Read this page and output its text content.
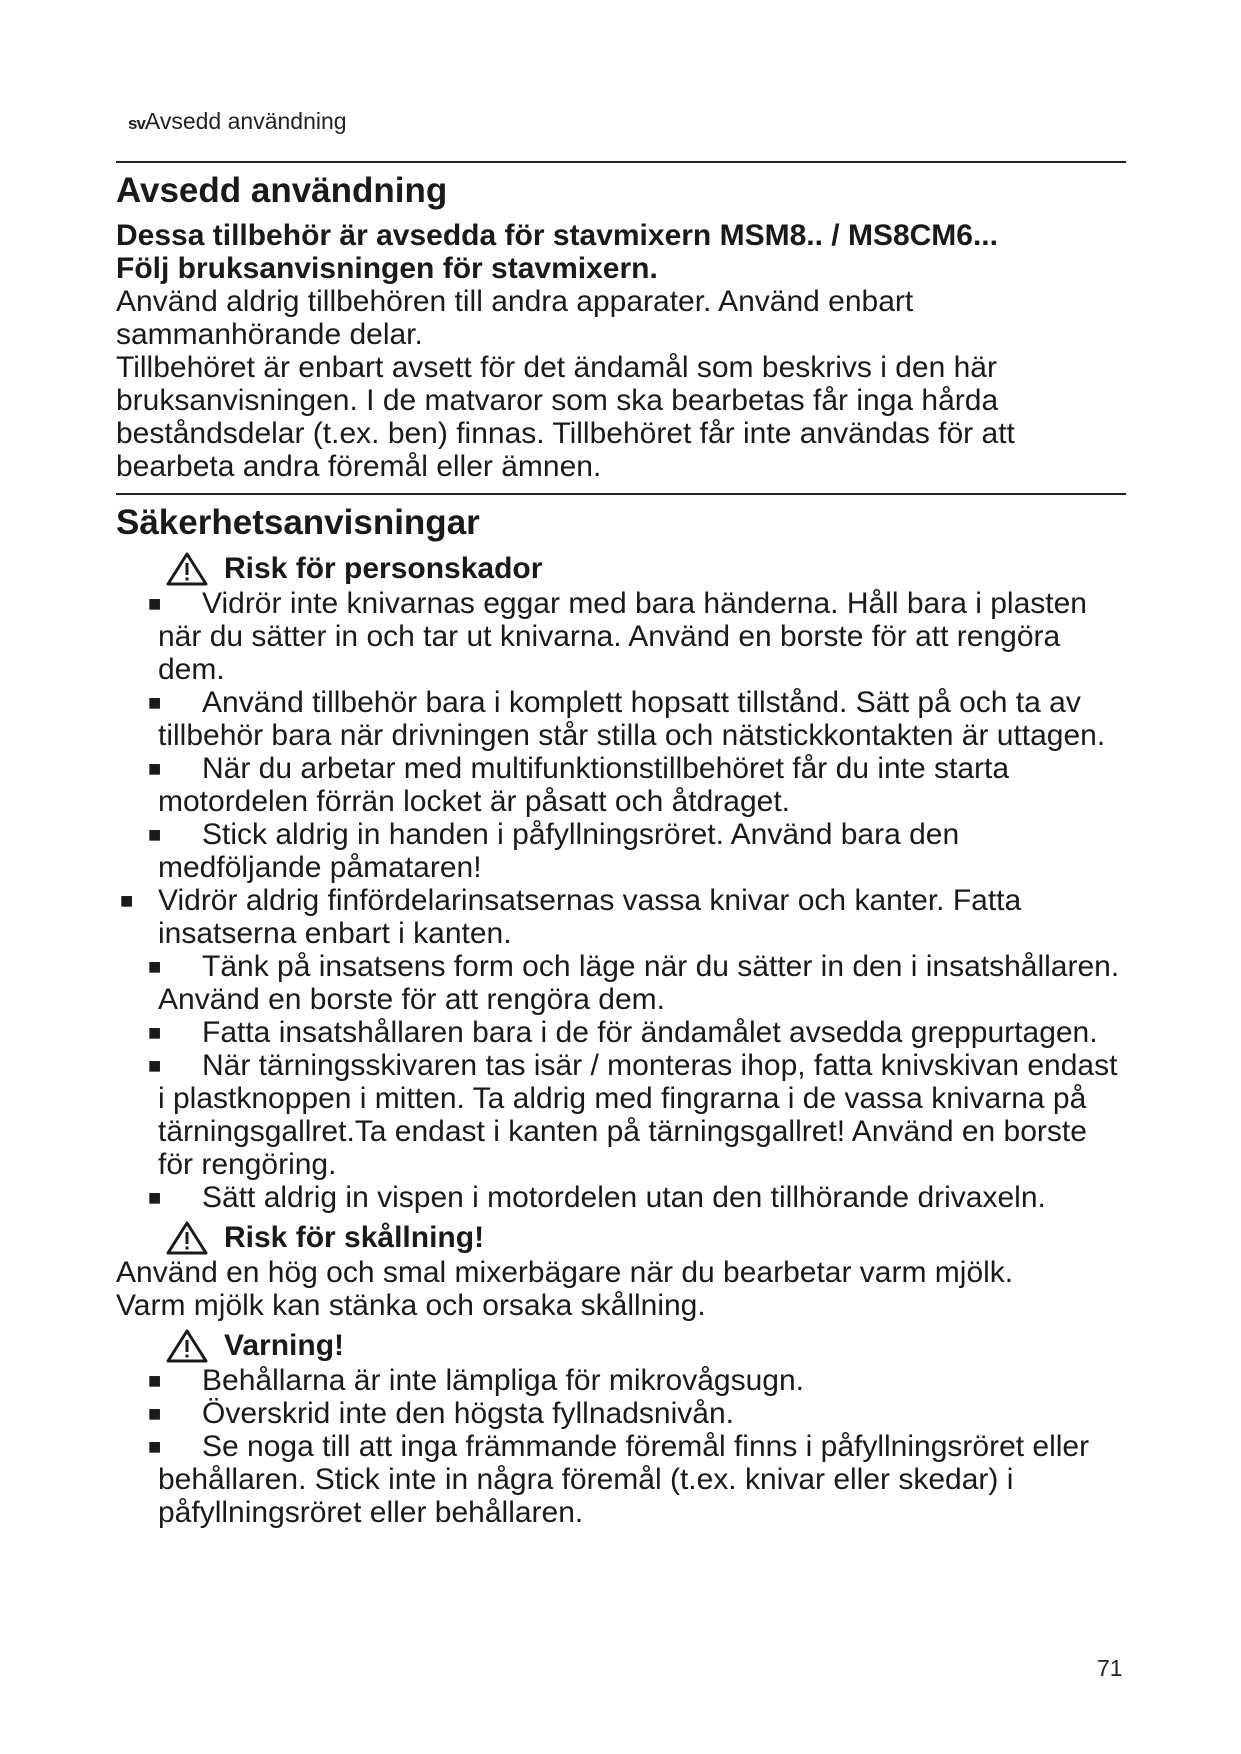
svAvsedd användning
Avsedd användning

Dessa tillbehör är avsedda för stavmixern MSM8.. / MS8CM6...

Följ bruksanvisningen för stavmixern.

Använd aldrig tillbehören till andra apparater. Använd enbart sammanhörande delar.

Tillbehöret är enbart avsett för det ändamål som beskrivs i den här bruksanvisningen. I de matvaror som ska bearbetas får inga hårda beståndsdelar (t.ex. ben) finnas. Tillbehöret får inte användas för att bearbeta andra föremål eller ämnen.

Säkerhetsanvisningar
Risk för personskador
■ Vidrör inte knivarnas eggar med bara händerna. Håll bara i plasten när du sätter in och tar ut knivarna. Använd en borste för att rengöra dem.
■ Använd tillbehör bara i komplett hopsatt tillstånd. Sätt på och ta av tillbehör bara när drivningen står stilla och nätstickkontakten är uttagen.
■ När du arbetar med multifunktionstillbehöret får du inte starta motordelen förrän locket är påsatt och åtdraget.
■ Stick aldrig in handen i påfyllningsröret. Använd bara den medföljande påmataren!
■ Vidrör aldrig finfördelarinsatsernas vassa knivar och kanter. Fatta insatserna enbart i kanten.
■ Tänk på insatsens form och läge när du sätter in den i insatshållaren. Använd en borste för att rengöra dem.
■ Fatta insatshållaren bara i de för ändamålet avsedda greppurtagen.
■ När tärningsskivaren tas isär / monteras ihop, fatta knivskivan endast i plastknoppen i mitten. Ta aldrig med fingrarna i de vassa knivarna på tärningsgallret.Ta endast i kanten på tärningsgallret! Använd en borste för rengöring.
■ Sätt aldrig in vispen i motordelen utan den tillhörande drivaxeln.
Risk för skållning!

Använd en hög och smal mixerbägare när du bearbetar varm mjölk.

Varm mjölk kan stänka och orsaka skållning.

Varning!
■ Behållarna är inte lämpliga för mikrovågsugn.
■ Överskrid inte den högsta fyllnadsnivån.
■ Se noga till att inga främmande föremål finns i påfyllningsröret eller behållaren. Stick inte in några föremål (t.ex. knivar eller skedar) i påfyllningsröret eller behållaren.
71
